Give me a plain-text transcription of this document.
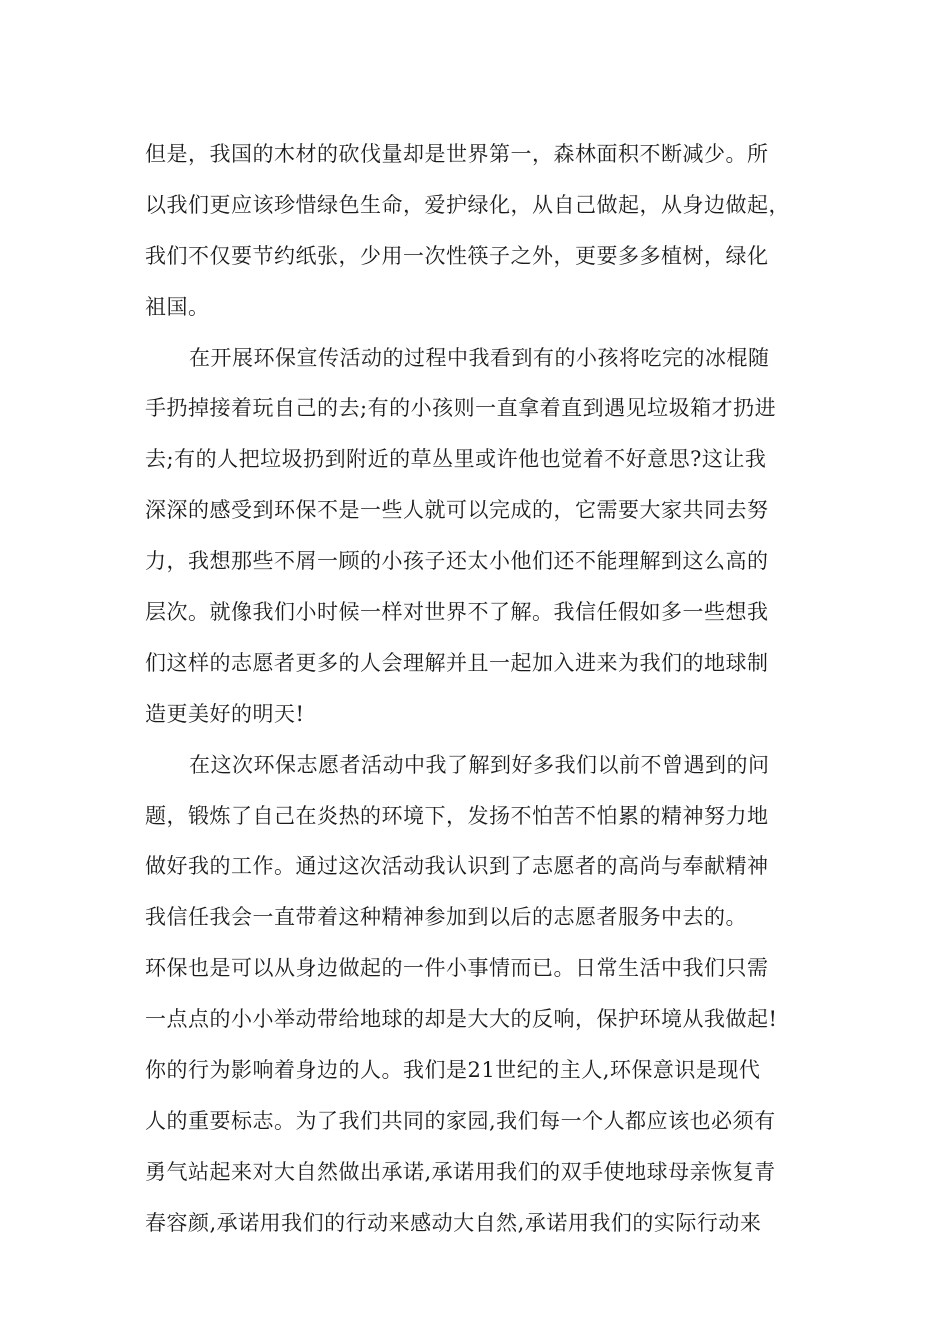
但是，我国的木材的砍伐量却是世界第一，森林面积不断减少。所
以我们更应该珍惜绿色生命，爱护绿化，从自己做起，从身边做起，
我们不仅要节约纸张，少用一次性筷子之外，更要多多植树，绿化
祖国。
在开展环保宣传活动的过程中我看到有的小孩将吃完的冰棍随
手扔掉接着玩自己的去;有的小孩则一直拿着直到遇见垃圾箱才扔进
去;有的人把垃圾扔到附近的草丛里或许他也觉着不好意思?这让我
深深的感受到环保不是一些人就可以完成的，它需要大家共同去努
力，我想那些不屑一顾的小孩子还太小他们还不能理解到这么高的
层次。就像我们小时候一样对世界不了解。我信任假如多一些想我
们这样的志愿者更多的人会理解并且一起加入进来为我们的地球制
造更美好的明天!
在这次环保志愿者活动中我了解到好多我们以前不曾遇到的问
题，锻炼了自己在炎热的环境下，发扬不怕苦不怕累的精神努力地
做好我的工作。通过这次活动我认识到了志愿者的高尚与奉献精神
我信任我会一直带着这种精神参加到以后的志愿者服务中去的。
环保也是可以从身边做起的一件小事情而已。日常生活中我们只需
一点点的小小举动带给地球的却是大大的反响，保护环境从我做起!
你的行为影响着身边的人。我们是21世纪的主人,环保意识是现代
人的重要标志。为了我们共同的家园,我们每一个人都应该也必须有
勇气站起来对大自然做出承诺,承诺用我们的双手使地球母亲恢复青
春容颜,承诺用我们的行动来感动大自然,承诺用我们的实际行动来
